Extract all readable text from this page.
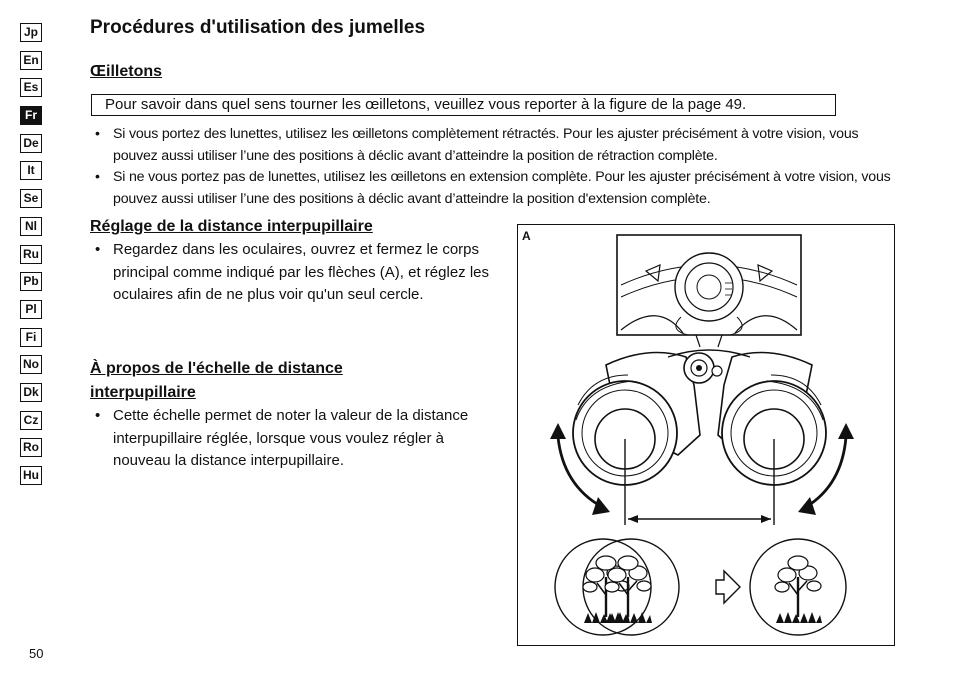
Jp
En
Es
Fr
De
It
Se
Nl
Ru
Pb
Pl
Fi
No
Dk
Cz
Ro
Hu
Procédures d'utilisation des jumelles
Œilletons
Pour savoir dans quel sens tourner les œilletons, veuillez vous reporter à la figure de la page 49.
• Si vous portez des lunettes, utilisez les œilletons complètement rétractés. Pour les ajuster précisément à votre vision, vous pouvez aussi utiliser l’une des positions à déclic avant d’atteindre la position de rétraction complète.
• Si ne vous portez pas de lunettes, utilisez les œilletons en extension complète. Pour les ajuster précisément à votre vision, vous pouvez aussi utiliser l’une des positions à déclic avant d’atteindre la position d'extension complète.
Réglage de la distance interpupillaire
• Regardez dans les oculaires, ouvrez et fermez le corps principal comme indiqué par les flèches (A), et réglez les oculaires afin de ne plus voir qu'un seul cercle.
À propos de l'échelle de distance interpupillaire
• Cette échelle permet de noter la valeur de la distance interpupillaire réglée, lorsque vous voulez régler à nouveau la distance interpupillaire.
A
50
